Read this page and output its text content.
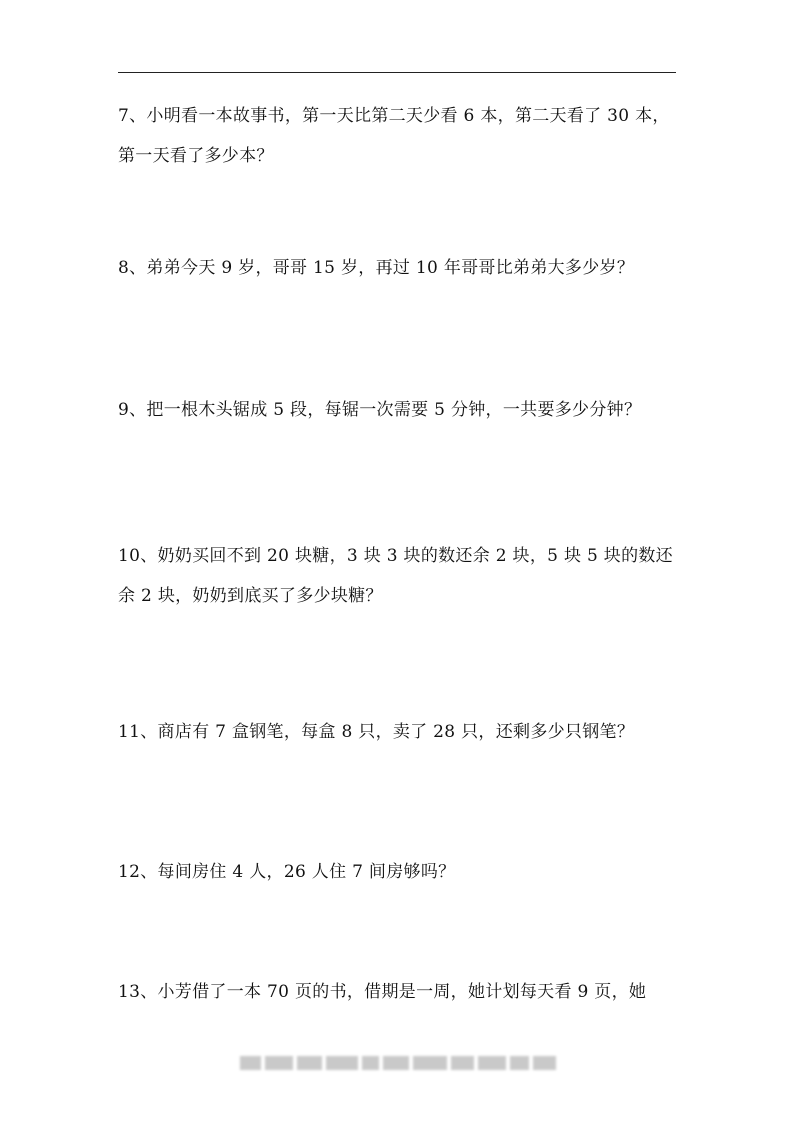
7、小明看一本故事书，第一天比第二天少看 6 本，第二天看了 30 本，
第一天看了多少本？
8、弟弟今天 9 岁，哥哥 15 岁，再过 10 年哥哥比弟弟大多少岁？
9、把一根木头锯成 5 段，每锯一次需要 5 分钟，一共要多少分钟？
10、奶奶买回不到 20 块糖，3 块 3 块的数还余 2 块，5 块 5 块的数还
余 2 块，奶奶到底买了多少块糖？
11、商店有 7 盒钢笔，每盒 8 只，卖了 28 只，还剩多少只钢笔？
12、每间房住 4 人，26 人住 7 间房够吗？
13、小芳借了一本 70 页的书，借期是一周，她计划每天看 9 页，她
